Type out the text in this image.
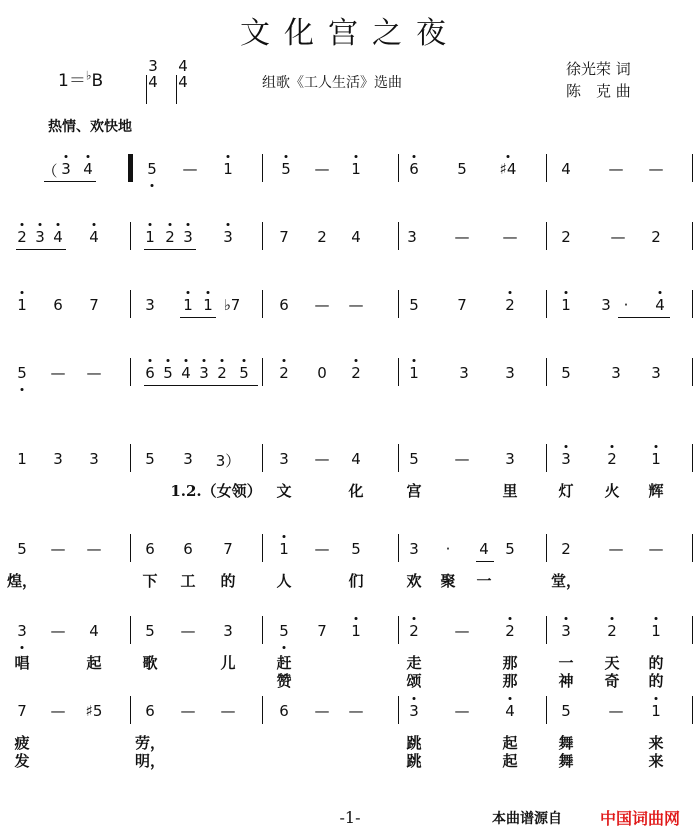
文化宫之夜
1＝♭B
3
4
4
4	组歌《工人生活》选曲
徐光荣 词
陈　克 曲
热情、欢快地
（ 3 4	5 — 1	5 — 1	6	5 ♯4	4	— —
2 3 4 4	1 2 3 3	7 2 4	3	— —	2	— 2
1 6 7	3 1 1 ♭7	6 — —	5	7	2	1 3 · 4
5 — —	6 5 4 3 2 5 2 0 2	1	3 3	5	3 3
1 3 3	5 3 3）	3 — 4	5 — 3	3 2 1
1.2.（女领） 文	化	宫	里	灯 火 辉
5 — —	6 6 7	1 — 5	3 · 4 5	2	— —
煌，	下 工 的	人	们	欢 聚 一	堂，
3 — 4	5 — 3	5 7 1	2 — 2	3 2 1
唱	起	歌	儿	赶	走	那	一 天 的
赞	颂	那	神 奇 的
7 — ♯5	6 — —	6 — —	3 — 4	5	— 1
疲	劳，	跳	起	舞	来
发	明，	跳	起	舞	来
-1-	本曲谱源自 中国词曲网
